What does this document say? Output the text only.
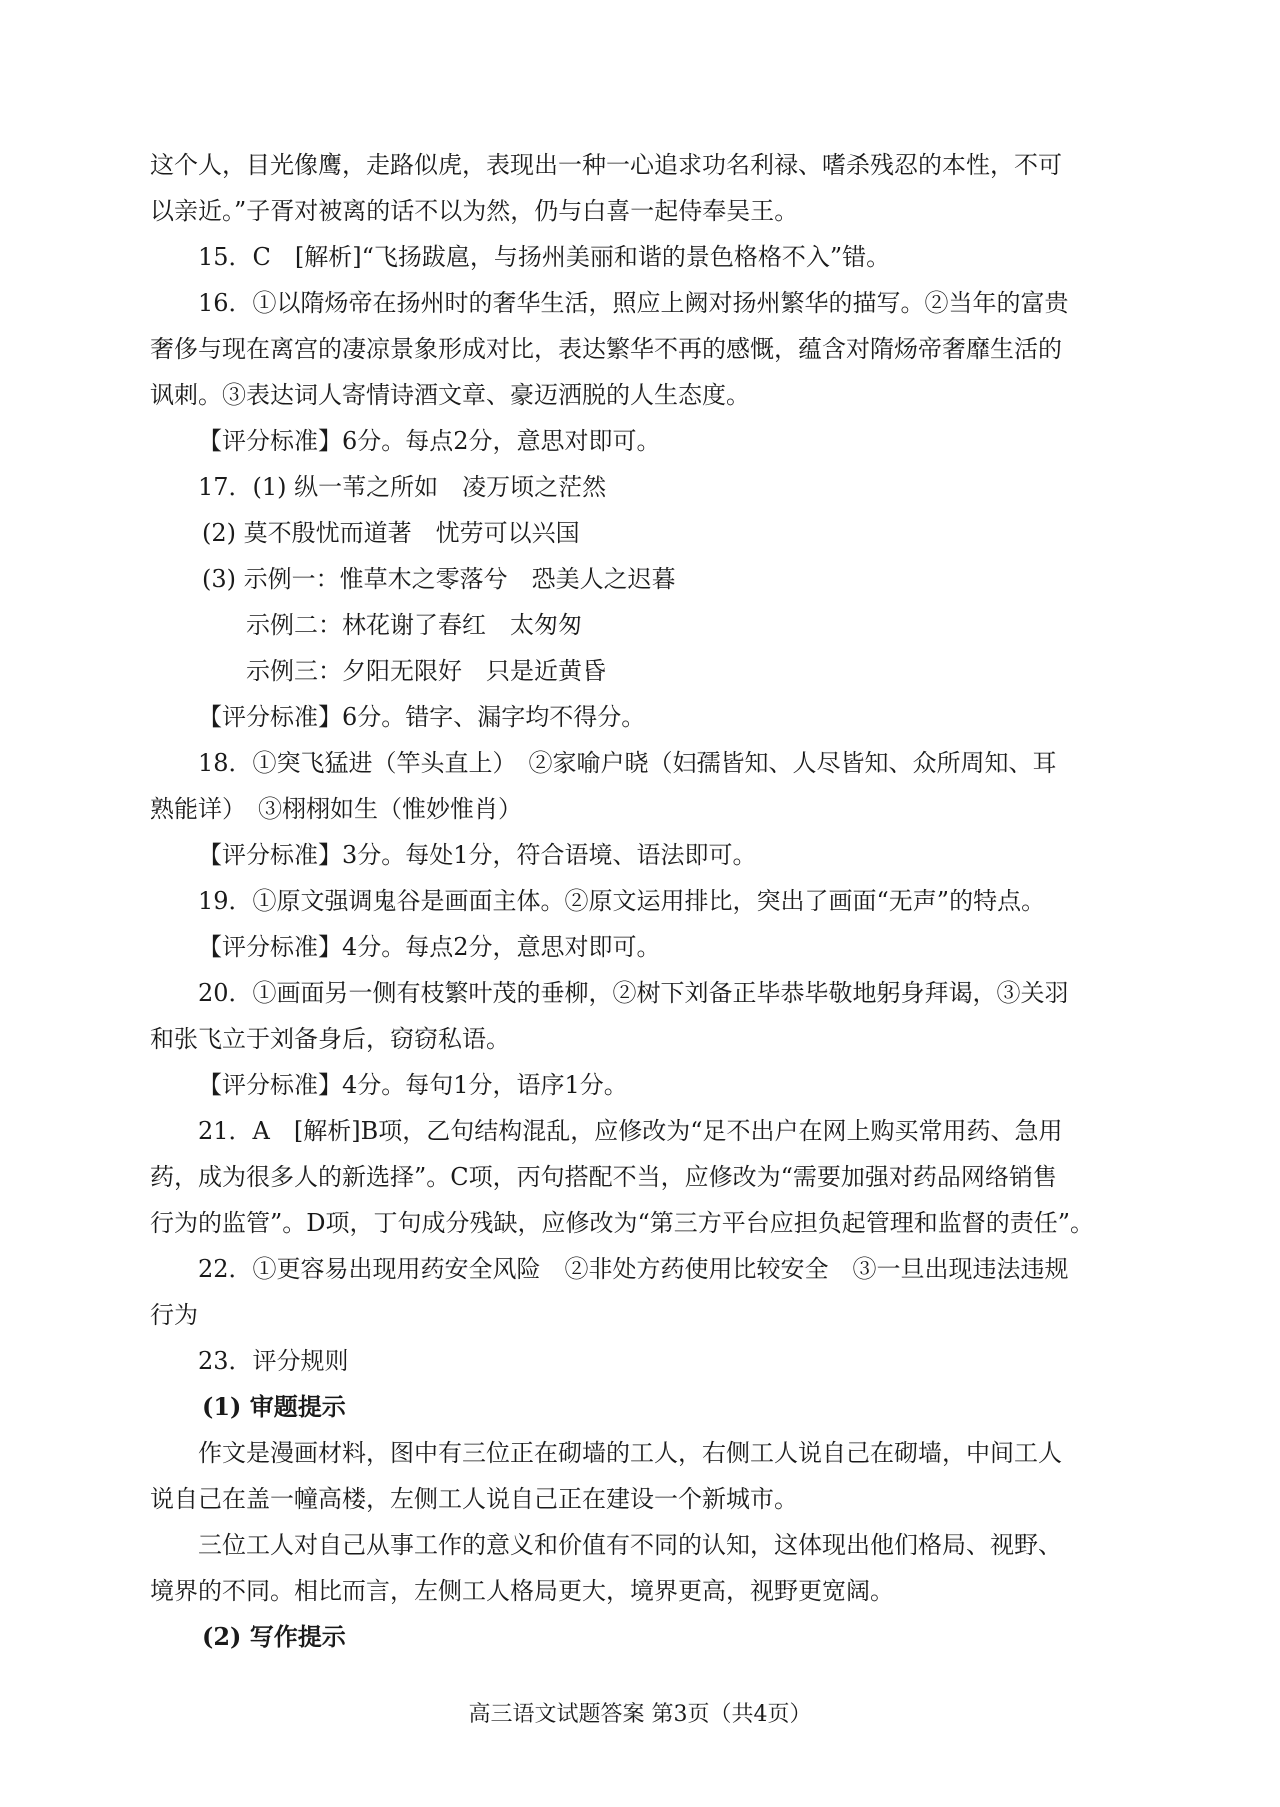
这个人，目光像鹰，走路似虎，表现出一种一心追求功名利禄、嗜杀残忍的本性，不可
以亲近。”子胥对被离的话不以为然，仍与白喜一起侍奉吴王。
15．C　[解析]“飞扬跋扈，与扬州美丽和谐的景色格格不入”错。
16．①以隋炀帝在扬州时的奢华生活，照应上阙对扬州繁华的描写。②当年的富贵
奢侈与现在离宫的凄凉景象形成对比，表达繁华不再的感慨，蕴含对隋炀帝奢靡生活的
讽刺。③表达词人寄情诗酒文章、豪迈洒脱的人生态度。
【评分标准】6分。每点2分，意思对即可。
17．(1) 纵一苇之所如　凌万顷之茫然
(2) 莫不殷忧而道著　忧劳可以兴国
(3) 示例一：惟草木之零落兮　恐美人之迟暮
示例二：林花谢了春红　太匆匆
示例三：夕阳无限好　只是近黄昏
【评分标准】6分。错字、漏字均不得分。
18．①突飞猛进（竿头直上）　②家喻户晓（妇孺皆知、人尽皆知、众所周知、耳
熟能详）　③栩栩如生（惟妙惟肖）
【评分标准】3分。每处1分，符合语境、语法即可。
19．①原文强调鬼谷是画面主体。②原文运用排比，突出了画面“无声”的特点。
【评分标准】4分。每点2分，意思对即可。
20．①画面另一侧有枝繁叶茂的垂柳，②树下刘备正毕恭毕敬地躬身拜谒，③关羽
和张飞立于刘备身后，窃窃私语。
【评分标准】4分。每句1分，语序1分。
21．A　[解析]B项，乙句结构混乱，应修改为“足不出户在网上购买常用药、急用
药，成为很多人的新选择”。C项，丙句搭配不当，应修改为“需要加强对药品网络销售
行为的监管”。D项，丁句成分残缺，应修改为“第三方平台应担负起管理和监督的责任”。
22．①更容易出现用药安全风险　②非处方药使用比较安全　③一旦出现违法违规
行为
23．评分规则
(1) 审题提示
作文是漫画材料，图中有三位正在砌墙的工人，右侧工人说自己在砌墙，中间工人
说自己在盖一幢高楼，左侧工人说自己正在建设一个新城市。
三位工人对自己从事工作的意义和价值有不同的认知，这体现出他们格局、视野、
境界的不同。相比而言，左侧工人格局更大，境界更高，视野更宽阔。
(2) 写作提示
高三语文试题答案 第3页（共4页）
